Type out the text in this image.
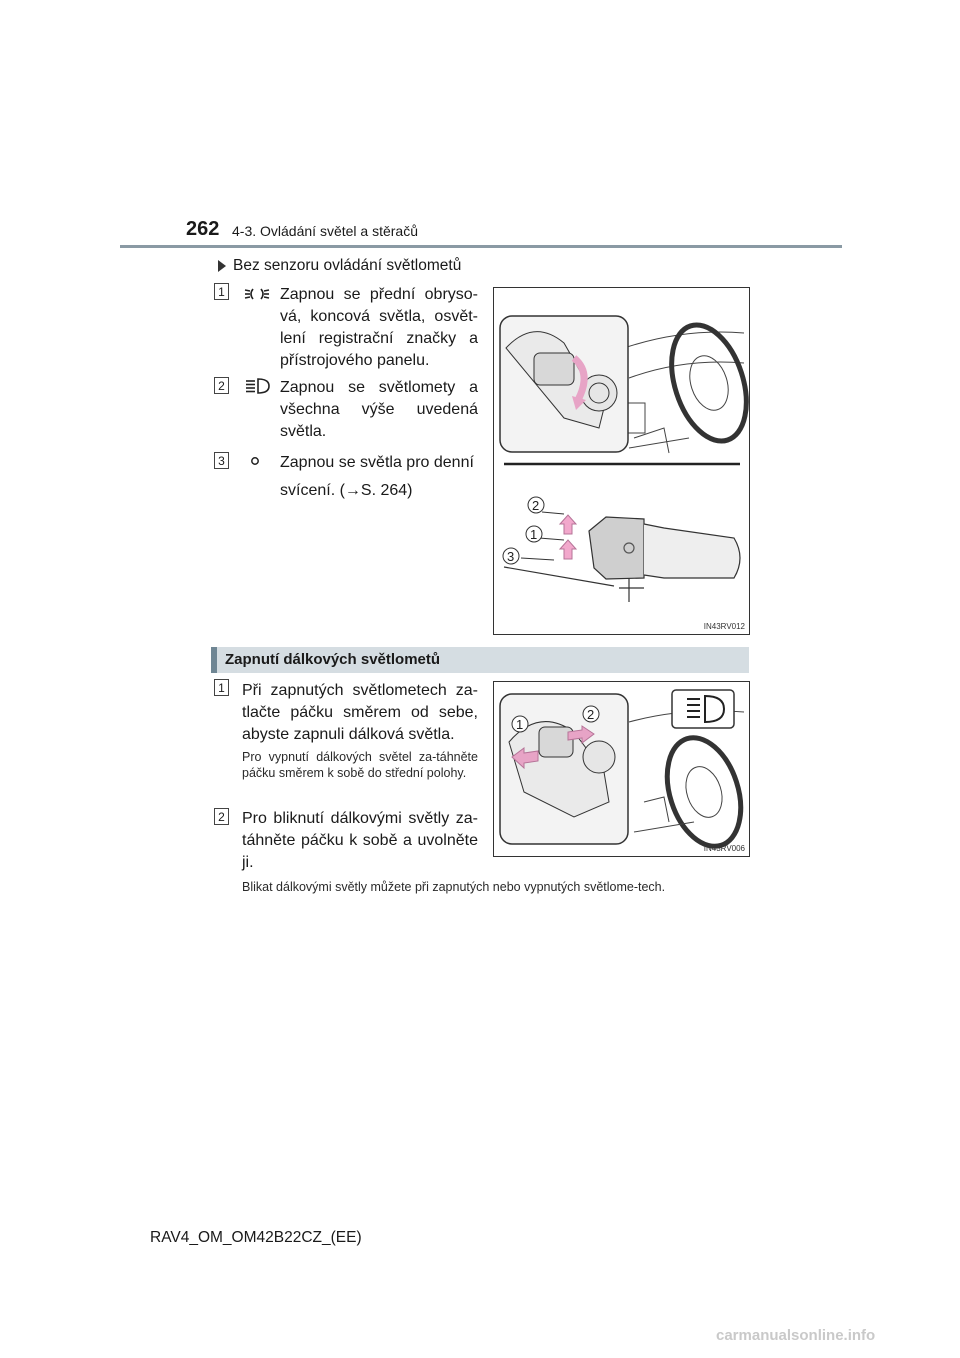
262 4-3. Ovládání světel a stěračů
Bez senzoru ovládání světlometů
1	Zapnou se přední obryso-vá, koncová světla, osvět-lení registrační značky a přístrojového panelu.
2	Zapnou se světlomety a všechna výše uvedená světla.
3	Zapnou se světla pro denní
svícení. (→S. 264)
2
1
3
IN43RV012
Zapnutí dálkových světlometů
1 Při zapnutých světlometech za-tlačte páčku směrem od sebe, abyste zapnuli dálková světla.
Pro vypnutí dálkových světel za-táhněte páčku směrem k sobě do střední polohy.
2 Pro bliknutí dálkovými světly za-táhněte páčku k sobě a uvolněte ji.
1
2
IN43RV006
Blikat dálkovými světly můžete při zapnutých nebo vypnutých světlome-tech.
RAV4_OM_OM42B22CZ_(EE)
carmanualsonline.info
